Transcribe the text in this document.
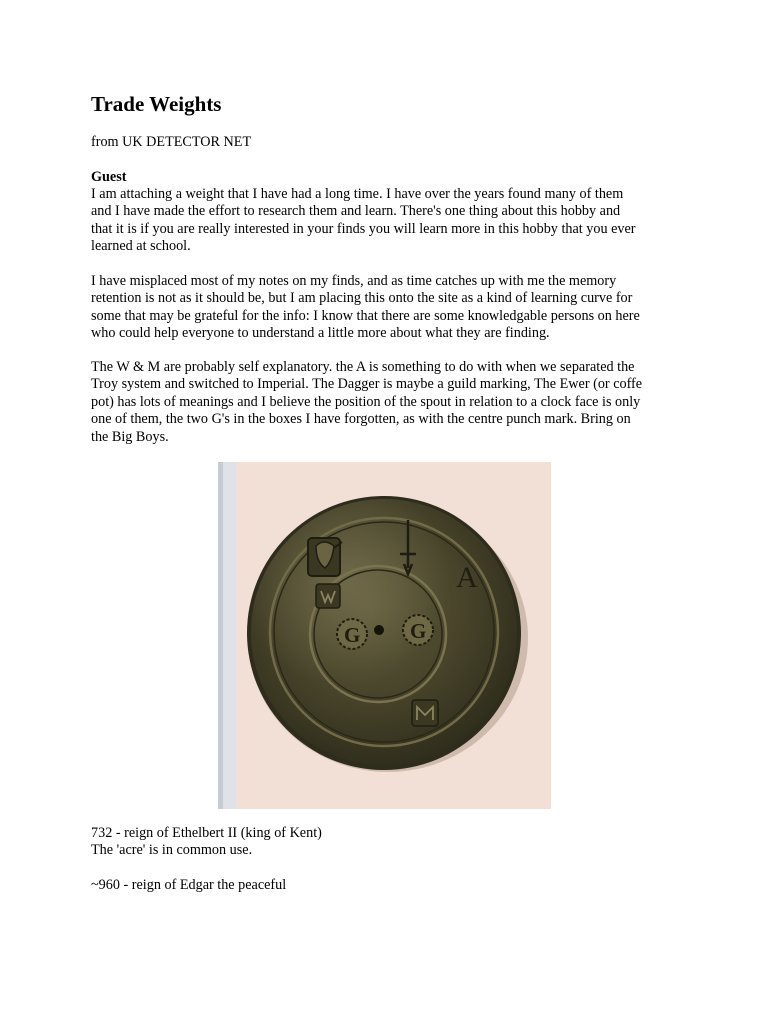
Trade Weights

from UK DETECTOR NET

Guest

I am attaching a weight that I have had a long time. I have over the years found many of them
and I have made the effort to research them and learn. There's one thing about this hobby and
that it is if you are really interested in your finds you will learn more in this hobby that you ever
learned at school.

I have misplaced most of my notes on my finds, and as time catches up with me the memory
retention is not as it should be, but I am placing this onto the site as a kind of learning curve for
some that may be grateful for the info: I know that there are some knowledgable persons on here
who could help everyone to understand a little more about what they are finding.

The W & M are probably self explanatory. the A is something to do with when we separated the
Troy system and switched to Imperial. The Dagger is maybe a guild marking, The Ewer (or coffe
pot) has lots of meanings and I believe the position of the spout in relation to a clock face is only
one of them, the two G's in the boxes I have forgotten, as with the centre punch mark. Bring on
the Big Boys.

A
G G

732 - reign of Ethelbert II (king of Kent)
The 'acre' is in common use.

~960 - reign of Edgar the peaceful
